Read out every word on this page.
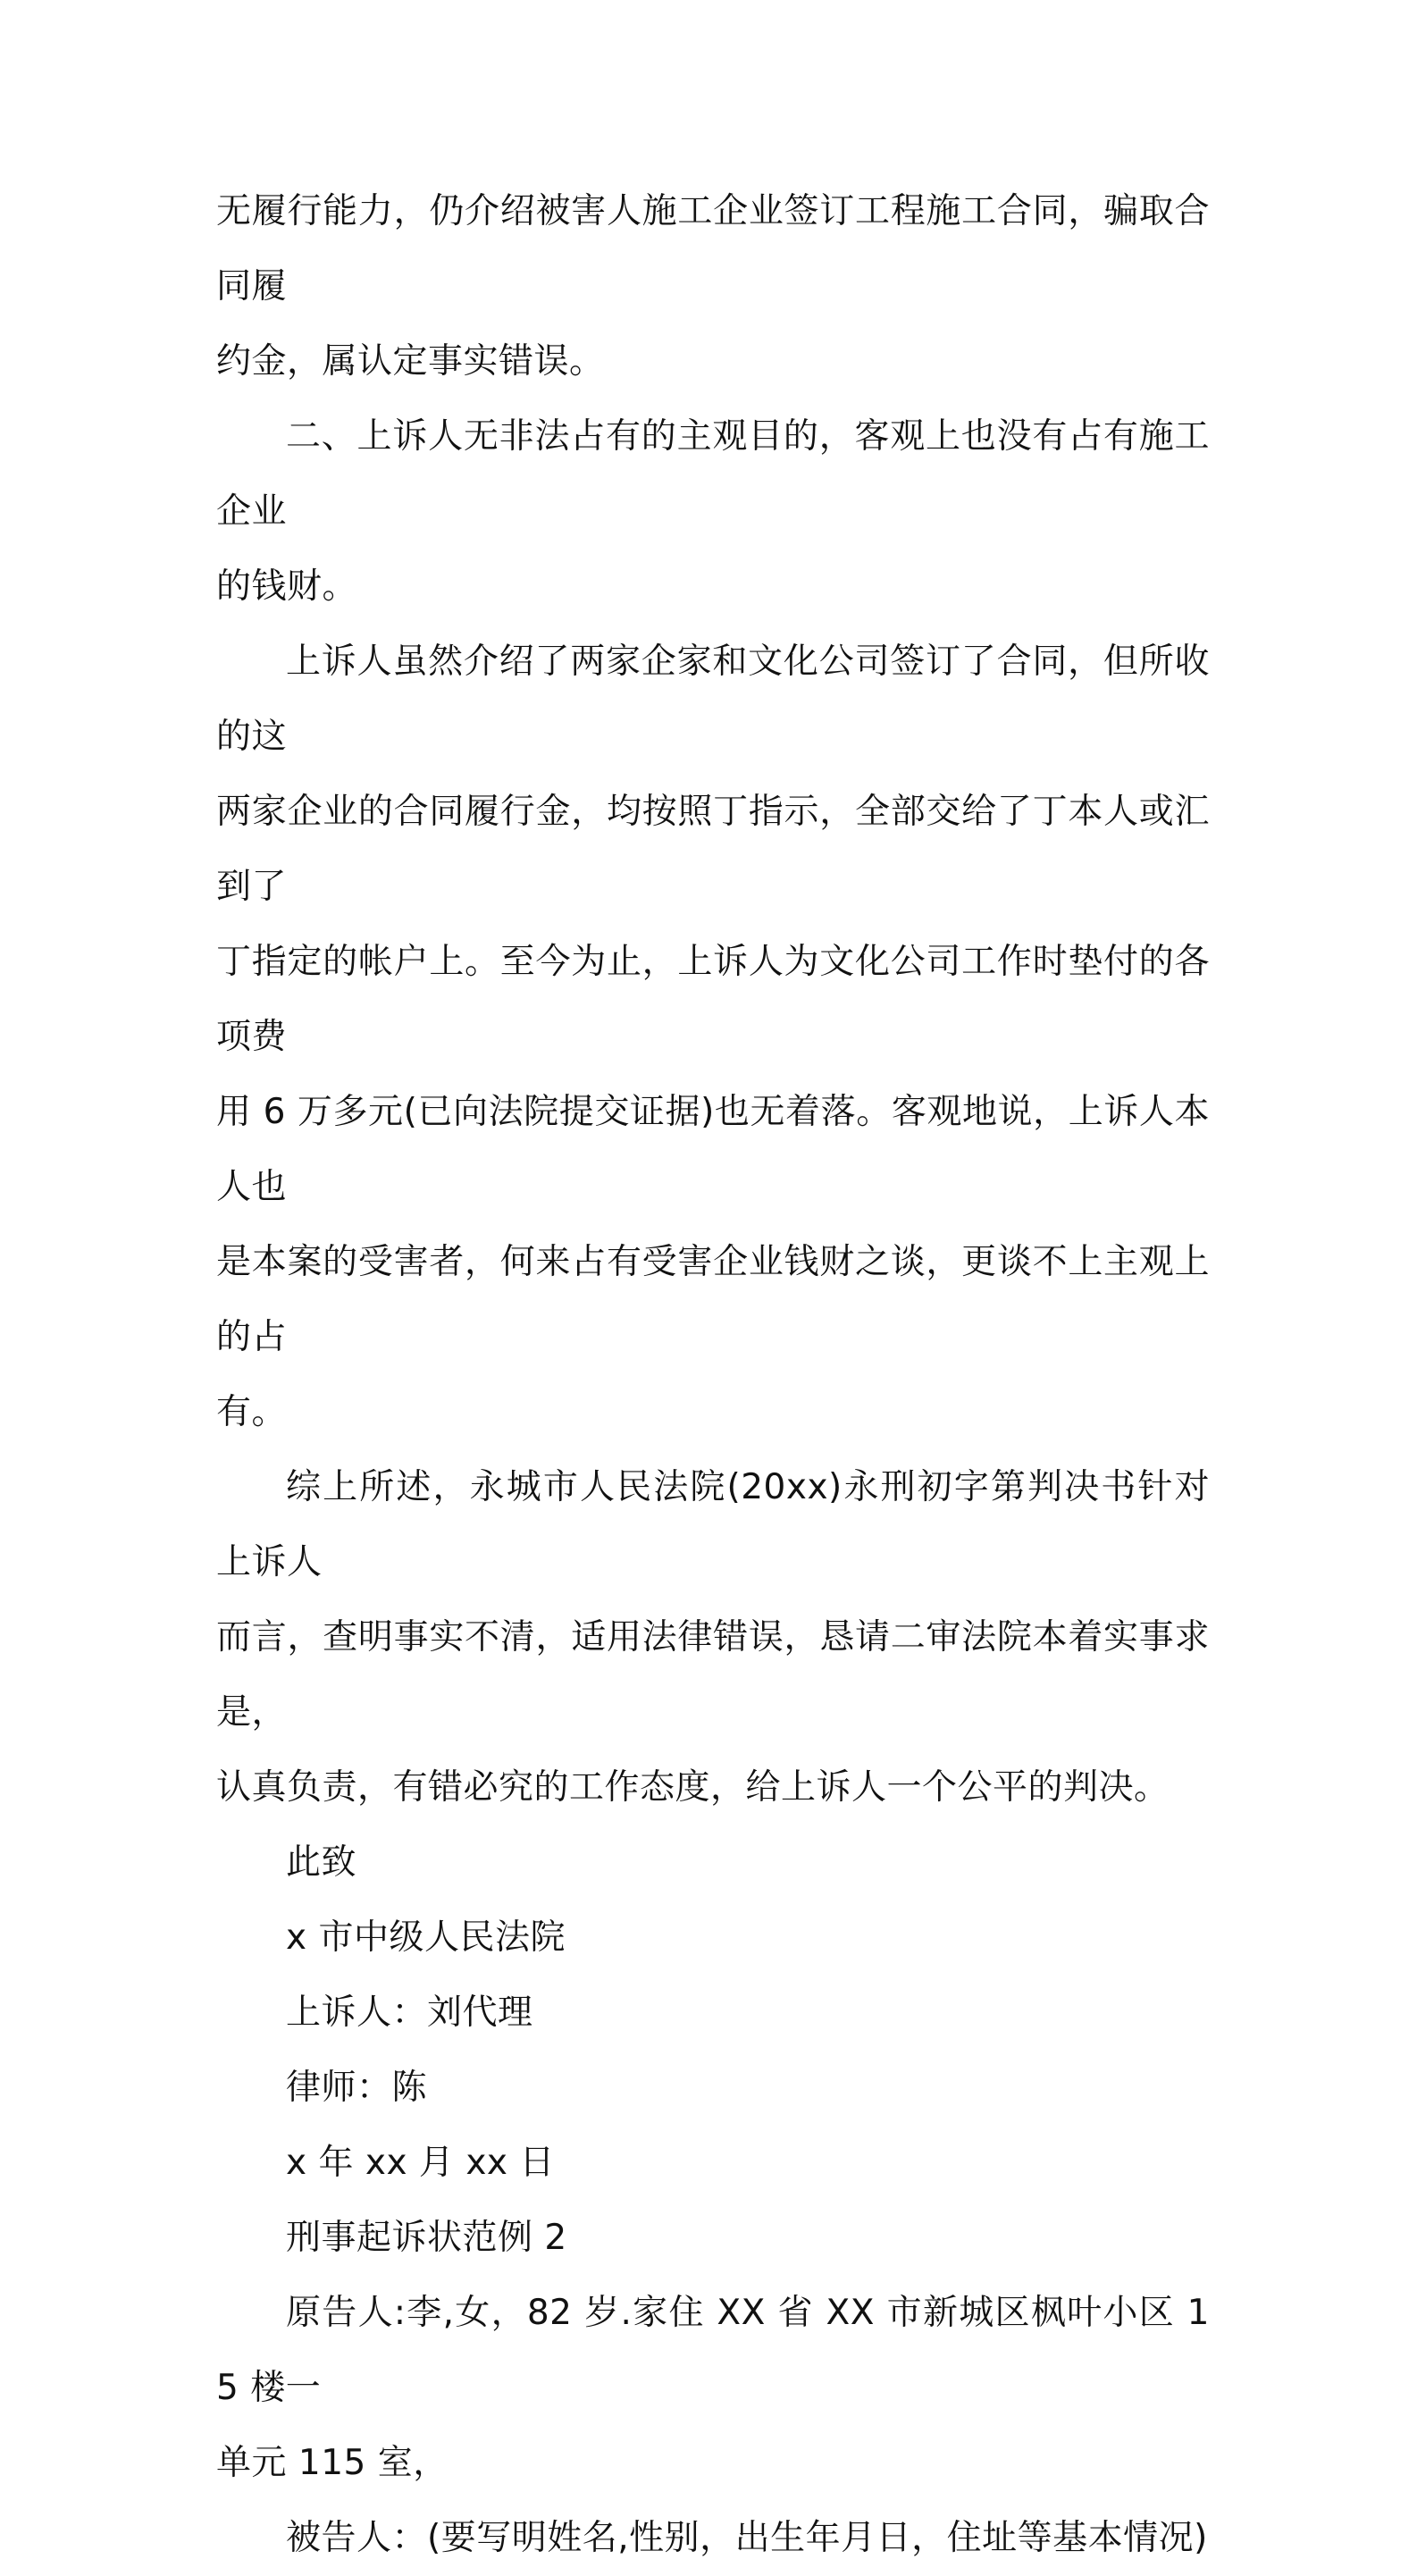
无履行能力，仍介绍被害人施工企业签订工程施工合同，骗取合同履
约金，属认定事实错误。

二、上诉人无非法占有的主观目的，客观上也没有占有施工企业
的钱财。

上诉人虽然介绍了两家企家和文化公司签订了合同，但所收的这
两家企业的合同履行金，均按照丁指示，全部交给了丁本人或汇到了
丁指定的帐户上。至今为止，上诉人为文化公司工作时垫付的各项费
用 6 万多元(已向法院提交证据)也无着落。客观地说，上诉人本人也
是本案的受害者，何来占有受害企业钱财之谈，更谈不上主观上的占
有。

综上所述，永城市人民法院(20xx)永刑初字第判决书针对上诉人
而言，查明事实不清，适用法律错误，恳请二审法院本着实事求是，
认真负责，有错必究的工作态度，给上诉人一个公平的判决。

此致

x 市中级人民法院

上诉人：刘代理

律师：陈

x 年 xx 月 xx 日

刑事起诉状范例 2

原告人:李,女，82 岁.家住 XX 省 XX 市新城区枫叶小区 15 楼一
单元 115 室，

被告人：(要写明姓名,性别，出生年月日，住址等基本情况)
